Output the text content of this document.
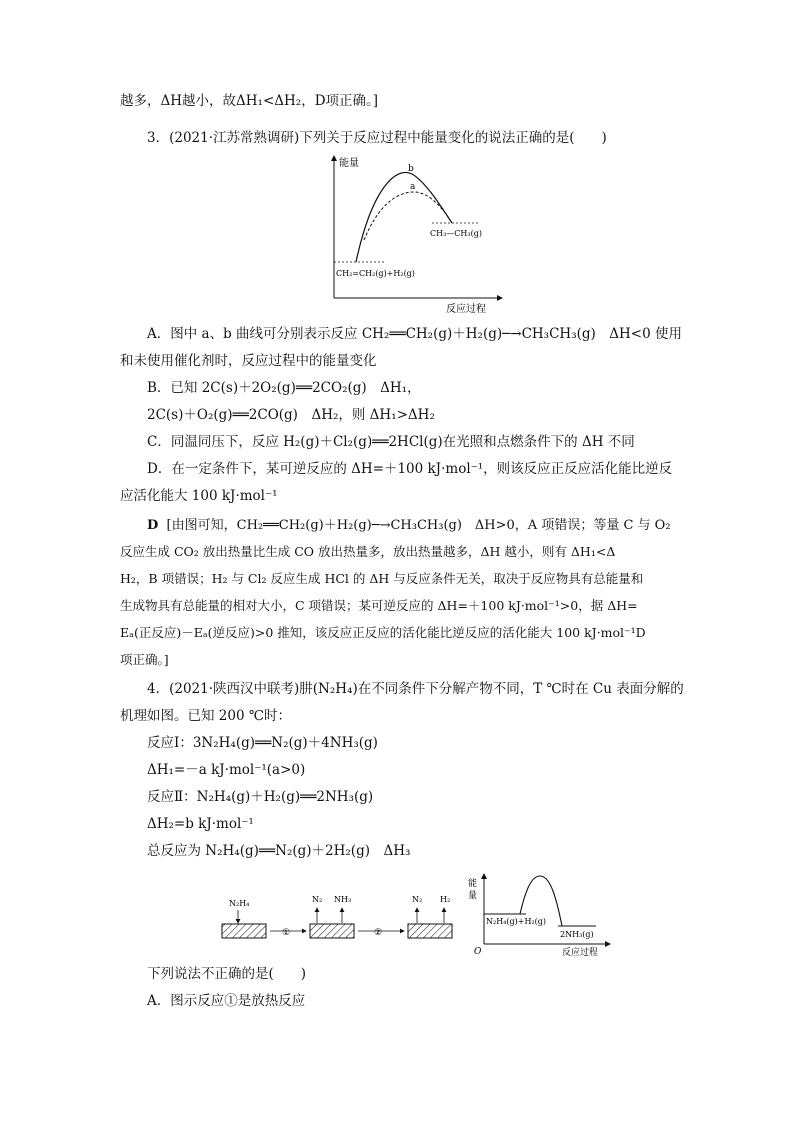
越多，ΔH越小，故ΔH₁<ΔH₂，D项正确。]
3．(2021·江苏常熟调研)下列关于反应过程中能量变化的说法正确的是(　　)
能量
反应过程
b
a
CH₃—CH₃(g)
CH₂=CH₂(g)+H₂(g)
A．图中 a、b 曲线可分别表示反应 CH₂══CH₂(g)＋H₂(g)─→CH₃CH₃(g)　ΔH<0 使用
和未使用催化剂时，反应过程中的能量变化
B．已知 2C(s)＋2O₂(g)══2CO₂(g)　ΔH₁，
2C(s)＋O₂(g)══2CO(g)　ΔH₂，则 ΔH₁>ΔH₂
C．同温同压下，反应 H₂(g)＋Cl₂(g)══2HCl(g)在光照和点燃条件下的 ΔH 不同
D．在一定条件下，某可逆反应的 ΔH=＋100 kJ·mol⁻¹，则该反应正反应活化能比逆反
应活化能大 100 kJ·mol⁻¹
D [由图可知，CH₂══CH₂(g)＋H₂(g)─→CH₃CH₃(g)　ΔH>0，A 项错误；等量 C 与 O₂
反应生成 CO₂ 放出热量比生成 CO 放出热量多，放出热量越多，ΔH 越小，则有 ΔH₁<Δ
H₂，B 项错误；H₂ 与 Cl₂ 反应生成 HCl 的 ΔH 与反应条件无关，取决于反应物具有总能量和
生成物具有总能量的相对大小，C 项错误；某可逆反应的 ΔH=＋100 kJ·mol⁻¹>0，据 ΔH=
Eₐ(正反应)－Eₐ(逆反应)>0 推知，该反应正反应的活化能比逆反应的活化能大 100 kJ·mol⁻¹D
项正确。]
4．(2021·陕西汉中联考)肼(N₂H₄)在不同条件下分解产物不同，T ℃时在 Cu 表面分解的
机理如图。已知 200 ℃时：
反应Ⅰ：3N₂H₄(g)══N₂(g)＋4NH₃(g)
ΔH₁=－a kJ·mol⁻¹(a>0)
反应Ⅱ：N₂H₄(g)＋H₂(g)══2NH₃(g)
ΔH₂=b kJ·mol⁻¹
总反应为 N₂H₄(g)══N₂(g)＋2H₂(g)　ΔH₃
N₂H₄
①
N₂ NH₃
②
N₂ H₂
能
量
O	反应过程
N₂H₄(g)+H₂(g)
2NH₃(g)
下列说法不正确的是(　　)
A．图示反应①是放热反应
